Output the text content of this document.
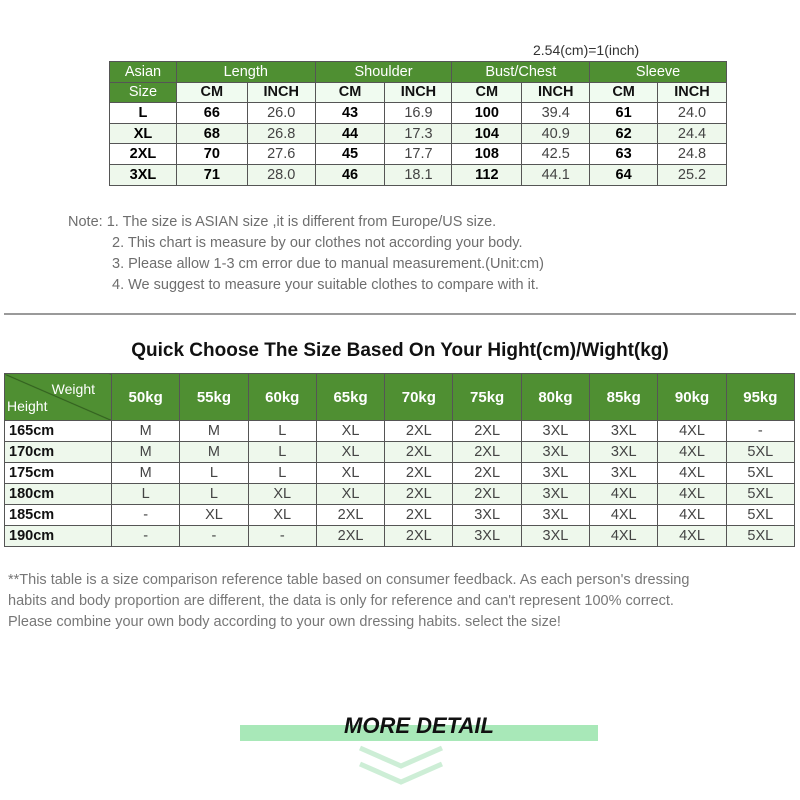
2.54(cm)=1(inch)
Asian	Length		Shoulder		Bust/Chest		Sleeve	
Size	CM	INCH	CM	INCH	CM	INCH	CM	INCH
L	66	26.0	43	16.9	100	39.4	61	24.0
XL	68	26.8	44	17.3	104	40.9	62	24.4
2XL	70	27.6	45	17.7	108	42.5	63	24.8
3XL	71	28.0	46	18.1	112	44.1	64	25.2
Note: 1. The size is ASIAN size ,it is different from Europe/US size.
2. This chart is measure by our clothes not according your body.
3. Please allow 1-3 cm error due to manual measurement.(Unit:cm)
4. We suggest to measure your suitable clothes to compare with it.
Quick Choose The Size Based On Your Hight(cm)/Wight(kg)
Weight
Height	50kg	55kg	60kg	65kg	70kg	75kg	80kg	85kg	90kg	95kg
165cm	M	M	L	XL	2XL	2XL	3XL	3XL	4XL	-
170cm	M	M	L	XL	2XL	2XL	3XL	3XL	4XL	5XL
175cm	M	L	L	XL	2XL	2XL	3XL	3XL	4XL	5XL
180cm	L	L	XL	XL	2XL	2XL	3XL	4XL	4XL	5XL
185cm	-	XL	XL	2XL	2XL	3XL	3XL	4XL	4XL	5XL
190cm	-	-	-	2XL	2XL	3XL	3XL	4XL	4XL	5XL
**This table is a size comparison reference table based on consumer feedback. As each person's dressing
habits and body proportion are different, the data is only for reference and can't represent 100% correct.
Please combine your own body according to your own dressing habits. select the size!
MORE DETAIL
